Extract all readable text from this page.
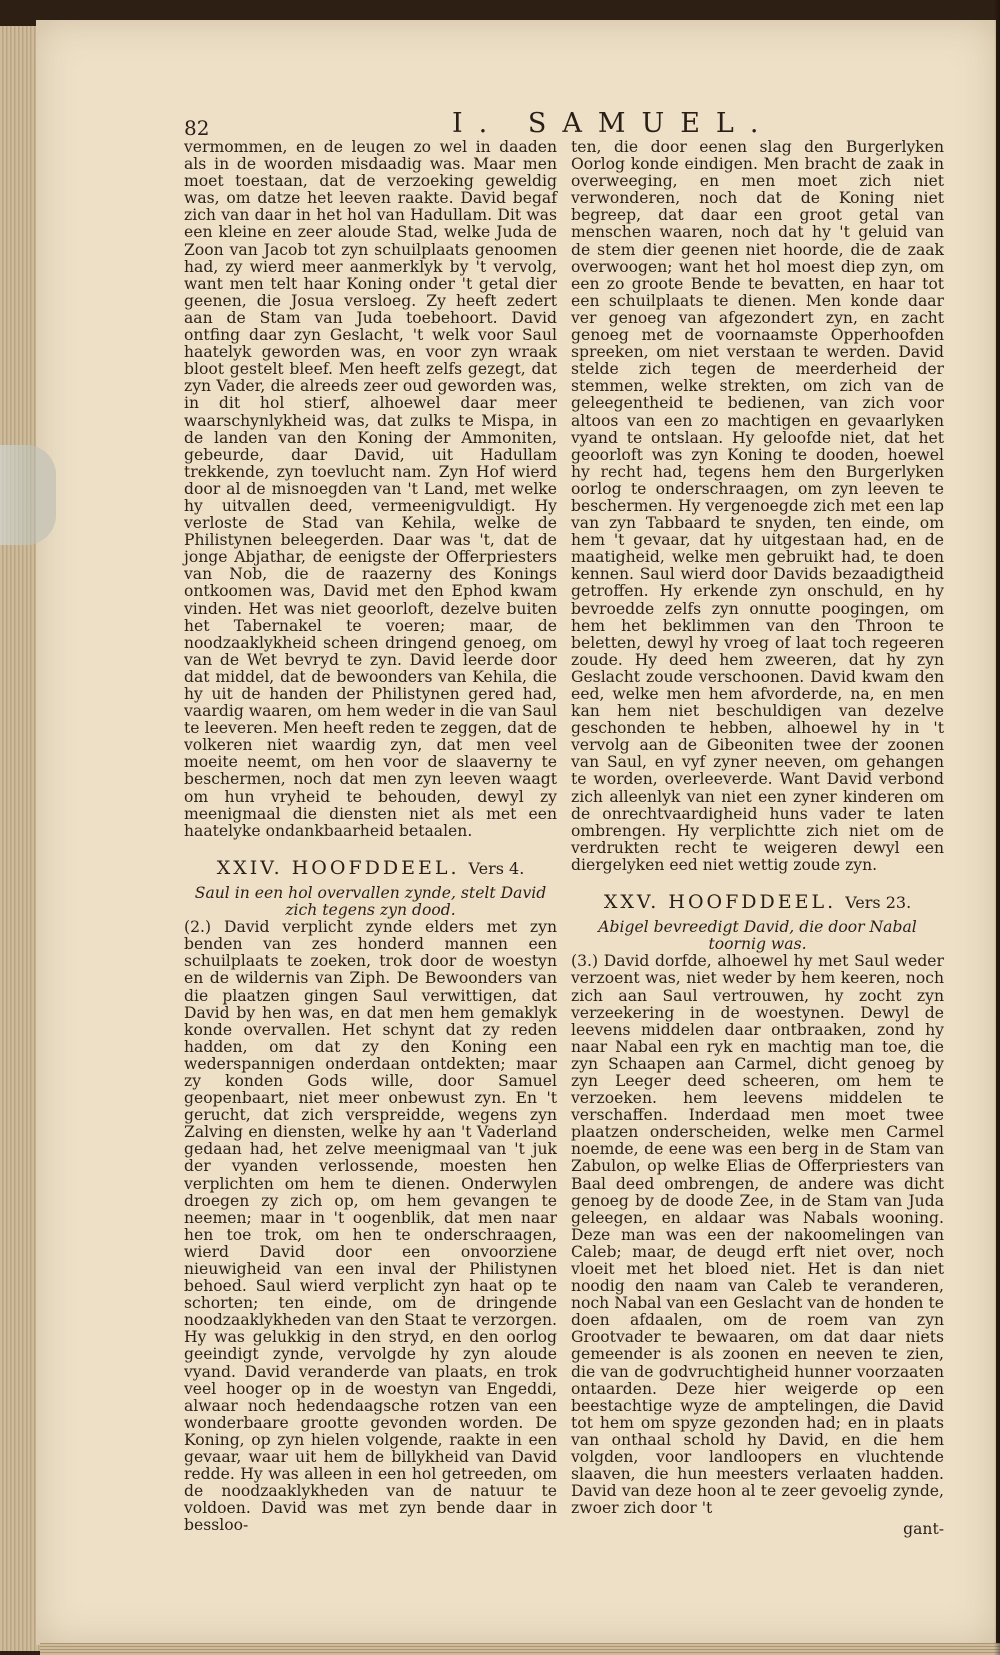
82	I. SAMUEL.

vermommen, en de leugen zo wel in daaden als in de woorden misdaadig was. Maar men moet toestaan, dat de verzoeking geweldig was, om datze het leeven raakte. David begaf zich van daar in het hol van Hadullam. Dit was een kleine en zeer aloude Stad, welke Juda de Zoon van Jacob tot zyn schuilplaats genoomen had, zy wierd meer aanmerklyk by 't vervolg, want men telt haar Koning onder 't getal dier geenen, die Josua versloeg. Zy heeft zedert aan de Stam van Juda toebehoort. David ontfing daar zyn Geslacht, 't welk voor Saul haatelyk geworden was, en voor zyn wraak bloot gestelt bleef. Men heeft zelfs gezegt, dat zyn Vader, die alreeds zeer oud geworden was, in dit hol stierf, alhoewel daar meer waarschynlykheid was, dat zulks te Mispa, in de landen van den Koning der Ammoniten, gebeurde, daar David, uit Hadullam trekkende, zyn toevlucht nam. Zyn Hof wierd door al de misnoegden van 't Land, met welke hy uitvallen deed, vermeenigvuldigt. Hy verloste de Stad van Kehila, welke de Philistynen beleegerden. Daar was 't, dat de jonge Abjathar, de eenigste der Offerpriesters van Nob, die de raazerny des Konings ontkoomen was, David met den Ephod kwam vinden. Het was niet geoorloft, dezelve buiten het Tabernakel te voeren; maar, de noodzaaklykheid scheen dringend genoeg, om van de Wet bevryd te zyn. David leerde door dat middel, dat de bewoonders van Kehila, die hy uit de handen der Philistynen gered had, vaardig waaren, om hem weder in die van Saul te leeveren. Men heeft reden te zeggen, dat de volkeren niet waardig zyn, dat men veel moeite neemt, om hen voor de slaaverny te beschermen, noch dat men zyn leeven waagt om hun vryheid te behouden, dewyl zy meenigmaal die diensten niet als met een haatelyke ondankbaarheid betaalen.

XXIV. HOOFDDEEL. Vers 4.

Saul in een hol overvallen zynde, stelt David zich tegens zyn dood.

(2.) David verplicht zynde elders met zyn benden van zes honderd mannen een schuilplaats te zoeken, trok door de woestyn en de wildernis van Ziph. De Bewoonders van die plaatzen gingen Saul verwittigen, dat David by hen was, en dat men hem gemaklyk konde overvallen. Het schynt dat zy reden hadden, om dat zy den Koning een wederspannigen onderdaan ontdekten; maar zy konden Gods wille, door Samuel geopenbaart, niet meer onbewust zyn. En 't gerucht, dat zich verspreidde, wegens zyn Zalving en diensten, welke hy aan 't Vaderland gedaan had, het zelve meenigmaal van 't juk der vyanden verlossende, moesten hen verplichten om hem te dienen. Onderwylen droegen zy zich op, om hem gevangen te neemen; maar in 't oogenblik, dat men naar hen toe trok, om hen te onderschraagen, wierd David door een onvoorziene nieuwigheid van een inval der Philistynen behoed. Saul wierd verplicht zyn haat op te schorten; ten einde, om de dringende noodzaaklykheden van den Staat te verzorgen. Hy was gelukkig in den stryd, en den oorlog geeindigt zynde, vervolgde hy zyn aloude vyand. David veranderde van plaats, en trok veel hooger op in de woestyn van Engeddi, alwaar noch hedendaagsche rotzen van een wonderbaare grootte gevonden worden. De Koning, op zyn hielen volgende, raakte in een gevaar, waar uit hem de billykheid van David redde. Hy was alleen in een hol getreeden, om de noodzaaklykheden van de natuur te voldoen. David was met zyn bende daar in bessloo-

ten, die door eenen slag den Burgerlyken Oorlog konde eindigen. Men bracht de zaak in overweeging, en men moet zich niet verwonderen, noch dat de Koning niet begreep, dat daar een groot getal van menschen waaren, noch dat hy 't geluid van de stem dier geenen niet hoorde, die de zaak overwoogen; want het hol moest diep zyn, om een zo groote Bende te bevatten, en haar tot een schuilplaats te dienen. Men konde daar ver genoeg van afgezondert zyn, en zacht genoeg met de voornaamste Opperhoofden spreeken, om niet verstaan te werden. David stelde zich tegen de meerderheid der stemmen, welke strekten, om zich van de geleegentheid te bedienen, van zich voor altoos van een zo machtigen en gevaarlyken vyand te ontslaan. Hy geloofde niet, dat het geoorloft was zyn Koning te dooden, hoewel hy recht had, tegens hem den Burgerlyken oorlog te onderschraagen, om zyn leeven te beschermen. Hy vergenoegde zich met een lap van zyn Tabbaard te snyden, ten einde, om hem 't gevaar, dat hy uitgestaan had, en de maatigheid, welke men gebruikt had, te doen kennen. Saul wierd door Davids bezaadigtheid getroffen. Hy erkende zyn onschuld, en hy bevroedde zelfs zyn onnutte poogingen, om hem het beklimmen van den Throon te beletten, dewyl hy vroeg of laat toch regeeren zoude. Hy deed hem zweeren, dat hy zyn Geslacht zoude verschoonen. David kwam den eed, welke men hem afvorderde, na, en men kan hem niet beschuldigen van dezelve geschonden te hebben, alhoewel hy in 't vervolg aan de Gibeoniten twee der zoonen van Saul, en vyf zyner neeven, om gehangen te worden, overleeverde. Want David verbond zich alleenlyk van niet een zyner kinderen om de onrechtvaardigheid huns vader te laten ombrengen. Hy verplichtte zich niet om de verdrukten recht te weigeren dewyl een diergelyken eed niet wettig zoude zyn.

XXV. HOOFDDEEL. Vers 23.

Abigel bevreedigt David, die door Nabal toornig was.

(3.) David dorfde, alhoewel hy met Saul weder verzoent was, niet weder by hem keeren, noch zich aan Saul vertrouwen, hy zocht zyn verzeekering in de woestynen. Dewyl de leevens middelen daar ontbraaken, zond hy naar Nabal een ryk en machtig man toe, die zyn Schaapen aan Carmel, dicht genoeg by zyn Leeger deed scheeren, om hem te verzoeken. hem leevens middelen te verschaffen. Inderdaad men moet twee plaatzen onderscheiden, welke men Carmel noemde, de eene was een berg in de Stam van Zabulon, op welke Elias de Offerpriesters van Baal deed ombrengen, de andere was dicht genoeg by de doode Zee, in de Stam van Juda geleegen, en aldaar was Nabals wooning. Deze man was een der nakoomelingen van Caleb; maar, de deugd erft niet over, noch vloeit met het bloed niet. Het is dan niet noodig den naam van Caleb te veranderen, noch Nabal van een Geslacht van de honden te doen afdaalen, om de roem van zyn Grootvader te bewaaren, om dat daar niets gemeender is als zoonen en neeven te zien, die van de godvruchtigheid hunner voorzaaten ontaarden. Deze hier weigerde op een beestachtige wyze de amptelingen, die David tot hem om spyze gezonden had; en in plaats van onthaal schold hy David, en die hem volgden, voor landloopers en vluchtende slaaven, die hun meesters verlaaten hadden. David van deze hoon al te zeer gevoelig zynde, zwoer zich door 't

gant-
